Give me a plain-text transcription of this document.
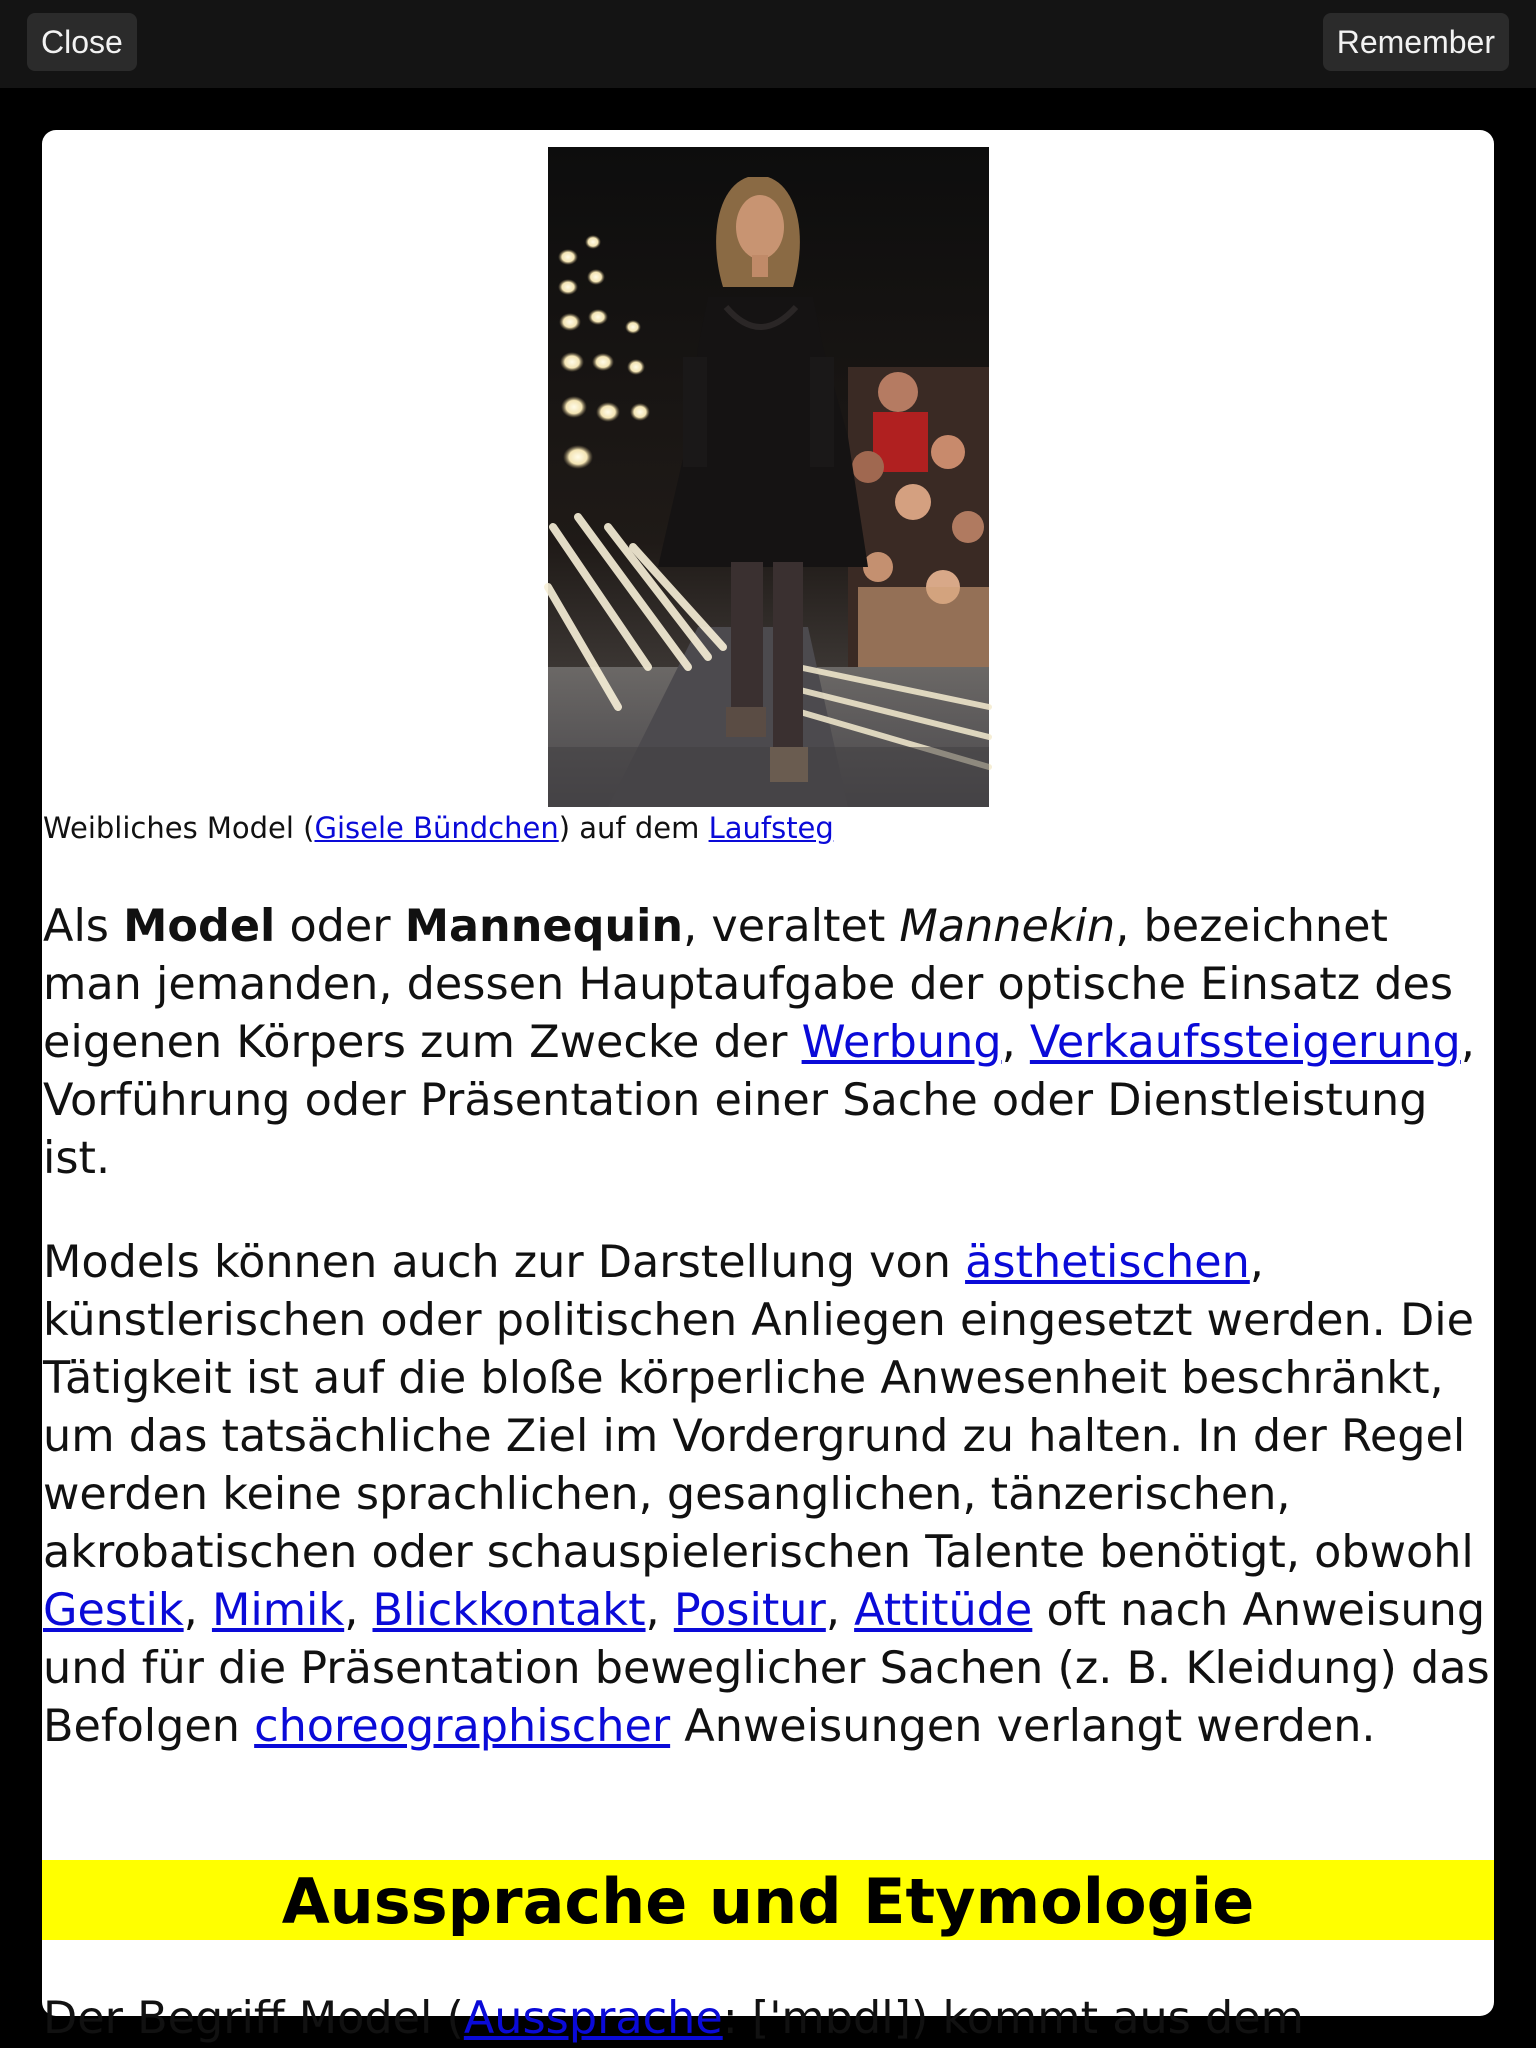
Close	Remember
Weibliches Model (Gisele Bündchen) auf dem Laufsteg
Als Model oder Mannequin, veraltet Mannekin, bezeichnet man jemanden, dessen Hauptaufgabe der optische Einsatz des eigenen Körpers zum Zwecke der Werbung, Verkaufssteigerung, Vorführung oder Präsentation einer Sache oder Dienstleistung ist.
Models können auch zur Darstellung von ästhetischen, künstlerischen oder politischen Anliegen eingesetzt werden. Die Tätigkeit ist auf die bloße körperliche Anwesenheit beschränkt, um das tatsächliche Ziel im Vordergrund zu halten. In der Regel werden keine sprachlichen, gesanglichen, tänzerischen, akrobatischen oder schauspielerischen Talente benötigt, obwohl Gestik, Mimik, Blickkontakt, Positur, Attitüde oft nach Anweisung und für die Präsentation beweglicher Sachen (z. B. Kleidung) das Befolgen choreographischer Anweisungen verlangt werden.
Aussprache und Etymologie
Der Begriff Model (Aussprache: ['mɒdl]) kommt aus dem
